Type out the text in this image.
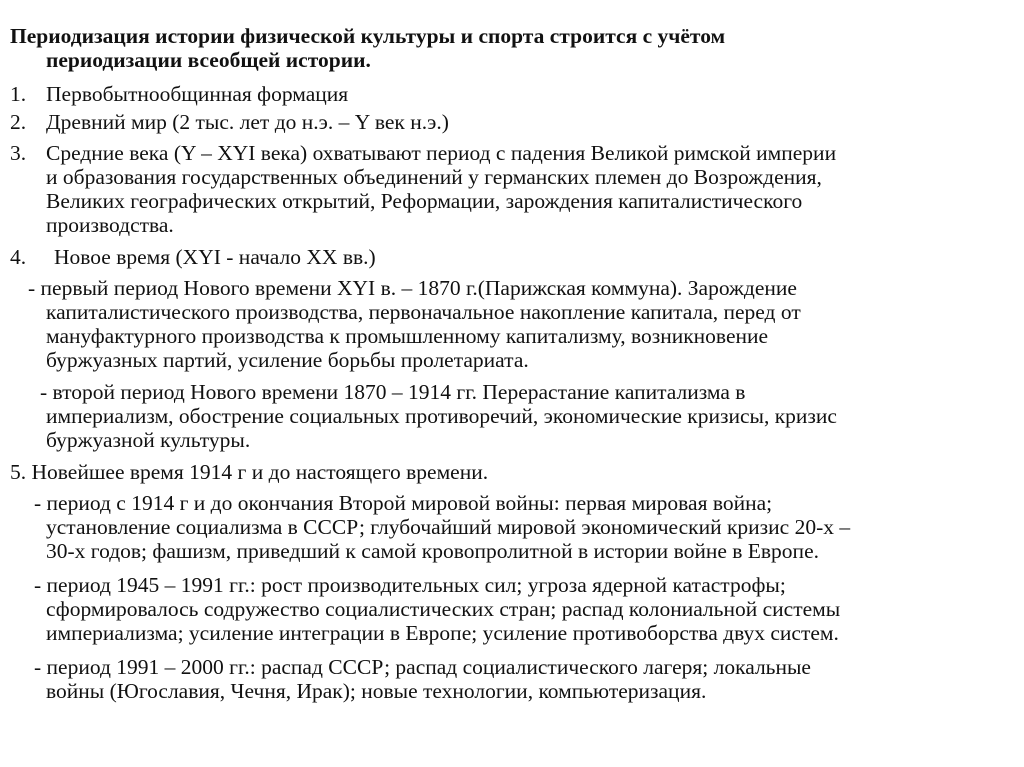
Периодизация истории физической культуры и спорта строится с учётом
периодизации всеобщей истории.
1. Первобытнообщинная формация
2. Древний мир (2 тыс. лет до н.э. – Y век н.э.)
3. Средние века (Y – XYI века) охватывают период с падения Великой римской империи
и образования государственных объединений у германских племен до Возрождения,
Великих географических открытий, Реформации, зарождения капиталистического
производства.
4.	Новое время (XYI - начало XX вв.)
- первый период Нового времени XYI в. – 1870 г.(Парижская коммуна). Зарождение
капиталистического производства, первоначальное накопление капитала, перед от
мануфактурного производства к промышленному капитализму, возникновение
буржуазных партий, усиление борьбы пролетариата.
- второй период Нового времени 1870 – 1914 гг. Перерастание капитализма в
империализм, обострение социальных противоречий, экономические кризисы, кризис
буржуазной культуры.
5. Новейшее время 1914 г и до настоящего времени.
- период с 1914 г и до окончания Второй мировой войны: первая мировая война;
установление социализма в СССР; глубочайший мировой экономический кризис 20-х –
30-х годов; фашизм, приведший к самой кровопролитной в истории войне в Европе.
- период 1945 – 1991 гг.: рост производительных сил; угроза ядерной катастрофы;
сформировалось содружество социалистических стран; распад колониальной системы
империализма; усиление интеграции в Европе; усиление противоборства двух систем.
- период 1991 – 2000 гг.: распад СССР; распад социалистического лагеря; локальные
войны (Югославия, Чечня, Ирак); новые технологии, компьютеризация.
